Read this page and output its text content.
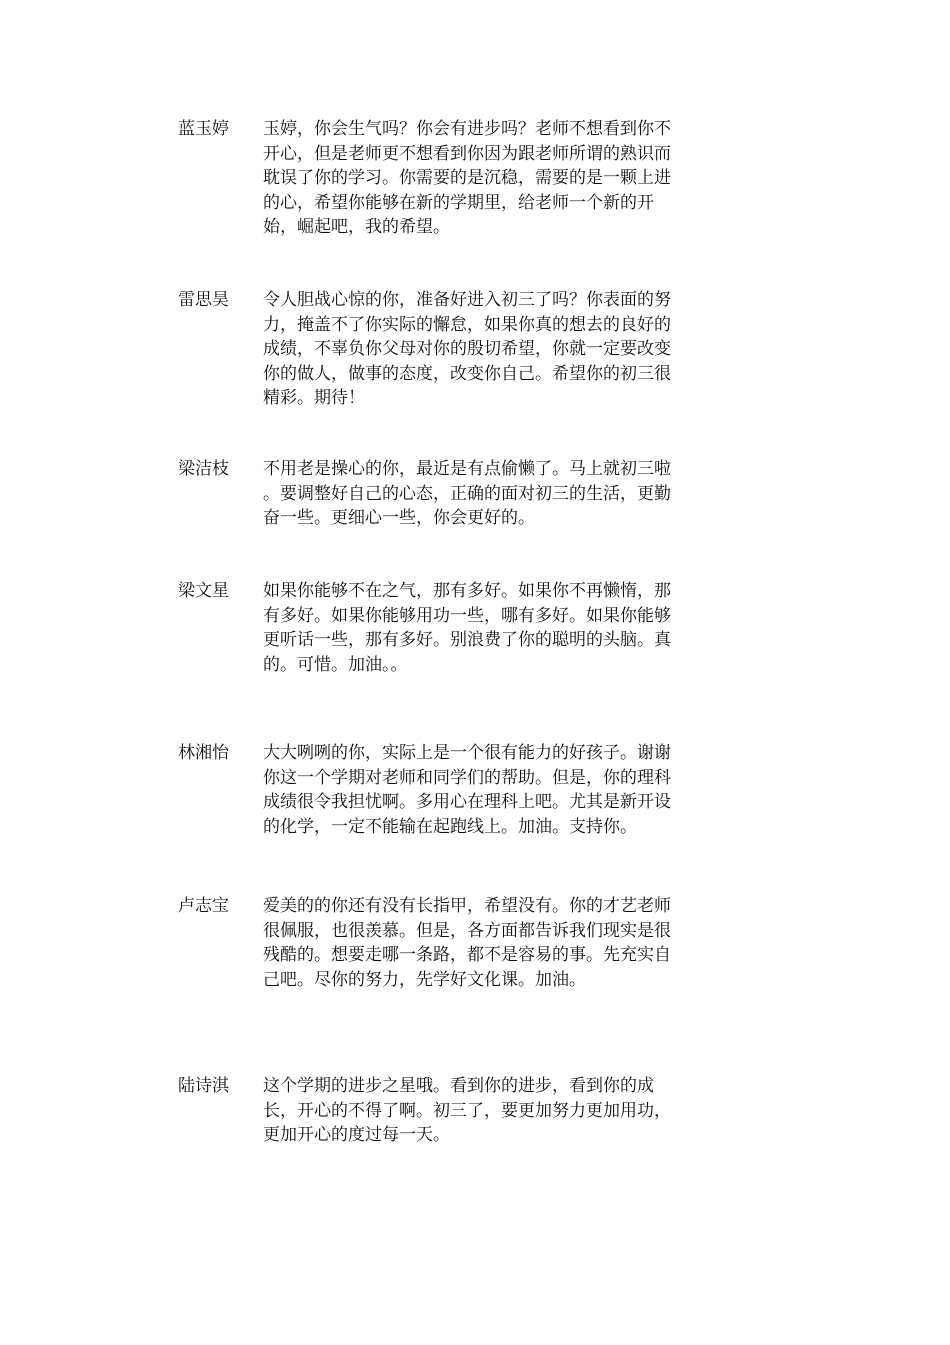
蓝玉婷	玉婷，你会生气吗？你会有进步吗？老师不想看到你不
开心，但是老师更不想看到你因为跟老师所谓的熟识而
耽误了你的学习。你需要的是沉稳，需要的是一颗上进
的心，希望你能够在新的学期里，给老师一个新的开
始，崛起吧，我的希望。
雷思昊	令人胆战心惊的你，准备好进入初三了吗？你表面的努
力，掩盖不了你实际的懈怠，如果你真的想去的良好的
成绩，不辜负你父母对你的殷切希望，你就一定要改变
你的做人，做事的态度，改变你自己。希望你的初三很
精彩。期待！
梁洁枝	不用老是操心的你，最近是有点偷懒了。马上就初三啦
。要调整好自己的心态，正确的面对初三的生活，更勤
奋一些。更细心一些，你会更好的。
梁文星	如果你能够不在之气，那有多好。如果你不再懒惰，那
有多好。如果你能够用功一些，哪有多好。如果你能够
更听话一些，那有多好。别浪费了你的聪明的头脑。真
的。可惜。加油。。
林湘怡	大大咧咧的你，实际上是一个很有能力的好孩子。谢谢
你这一个学期对老师和同学们的帮助。但是，你的理科
成绩很令我担忧啊。多用心在理科上吧。尤其是新开设
的化学，一定不能输在起跑线上。加油。支持你。
卢志宝	爱美的的你还有没有长指甲，希望没有。你的才艺老师
很佩服，也很羡慕。但是，各方面都告诉我们现实是很
残酷的。想要走哪一条路，都不是容易的事。先充实自
己吧。尽你的努力，先学好文化课。加油。
陆诗淇	这个学期的进步之星哦。看到你的进步，看到你的成
长，开心的不得了啊。初三了，要更加努力更加用功，
更加开心的度过每一天。
